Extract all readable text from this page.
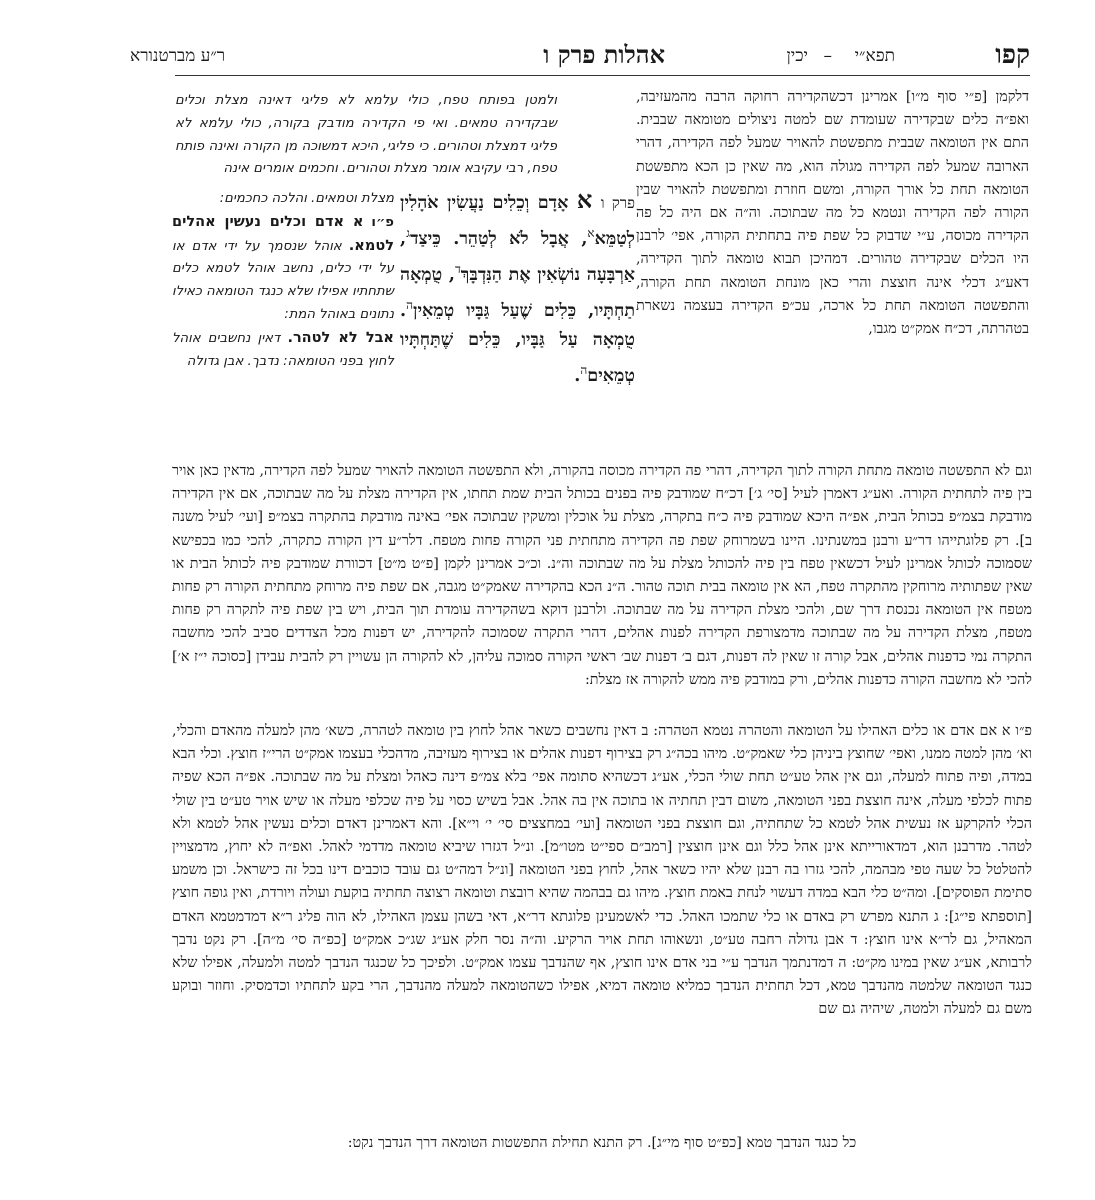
קפו
תפא״י
–
יכין
אהלות פרק ו
ר״ע מברטנורא

דלקמן [פ״י סוף מ״ו] אמרינן דכשהקדירה רחוקה הרבה מהמעזיבה, ואפ״ה כלים שבקדירה שעומדת שם למטה ניצולים מטומאה שבבית. התם אין הטומאה שבבית מתפשטת להאויר שמעל לפה הקדירה, דהרי הארובה שמעל לפה הקדירה מגולה הוא, מה שאין כן הכא מתפשטת הטומאה תחת כל אורך הקורה, ומשם חוזרת ומתפשטת להאויר שבין הקורה לפה הקדירה ונטמא כל מה שבתוכה. וה״ה אם היה כל פה הקדירה מכוסה, ע״י שדבוק כל שפת פיה בתחתית הקורה, אפי׳ לרבנן היו הכלים שבקדירה טהורים. דמהיכן תבוא טומאה לתוך הקדירה, דאע״ג דכלי אינה חוצצת והרי כאן מונחת הטומאה תחת הקורה, והתפשטה הטומאה תחת כל ארכה, עכ״פ הקדירה בעצמה נשארת בטהרתה, דכ״ח אמק״ט מגבו,

ולמטן בפותח טפח, כולי עלמא לא פליגי דאינה מצלת וכלים שבקדירה טמאים. ואי פי הקדירה מודבק בקורה, כולי עלמא לא פליגי דמצלת וטהורים. כי פליגי, היכא דמשוכה מן הקורה ואינה פותח טפח, רבי עקיבא אומר מצלת וטהורים. וחכמים אומרים אינה

פרק ו א אָדָם וְכֵלִים נַעֲשִׂין אֹהָלִין לְטַמֵּא$^א$, אֲבָל לֹא לְטַהֵר. כֵּיצַד$^ג$, אַרְבָּעָה נוֹשְׂאִין אֶת הַנִּדְבָּךְ$^ד$, טֻמְאָה תַחְתָּיו, כֵּלִים שֶׁעַל גַּבָּיו טְמֵאִין$^ה$. טֻמְאָה עַל גַּבָּיו, כֵּלִים שֶׁתַּחְתָּיו טְמֵאִים$^ה$.

מצלת וטמאים. והלכה כחכמים:

פ״ו א אדם וכלים נעשין אהלים לטמא. אוהל שנסמך על ידי אדם או על ידי כלים, נחשב אוהל לטמא כלים שתחתיו אפילו שלא כנגד הטומאה כאילו נתונים באוהל המת:

אבל לא לטהר. דאין נחשבים אוהל לחוץ בפני הטומאה: נדבך. אבן גדולה

וגם לא התפשטה טומאה מתחת הקורה לתוך הקדירה, דהרי פה הקדירה מכוסה בהקורה, ולא התפשטה הטומאה להאויר שמעל לפה הקדירה, מדאין כאן אויר בין פיה לתחתית הקורה. ואע״ג דאמרן לעיל [סי׳ ג׳] דכ״ח שמודבק פיה בפנים בכותל הבית שמת תחתו, אין הקדירה מצלת על מה שבתוכה, אם אין הקדירה מודבקת בצמ״פ בכותל הבית, אפ״ה היכא שמודבק פיה כ״ח בתקרה, מצלת על אוכלין ומשקין שבתוכה אפי׳ באינה מודבקת בהתקרה בצמ״פ [ועי׳ לעיל משנה ב]. רק פלוגתייהו דר״ע ורבנן במשנתינו. היינו בשמרוחק שפת פה הקדירה מתחתית פני הקורה פחות מטפח. דלר״ע דין הקורה כתקרה, להכי כמו בכפישא שסמוכה לכותל אמרינן לעיל דכשאין טפח בין פיה להכותל מצלת על מה שבתוכה וה״נ. וכ״כ אמרינן לקמן [פ״ט מ״ט] דכוורת שמודבק פיה לכותל הבית או שאין שפתותיה מרוחקין מהתקרה טפח, הא אין טומאה בבית תוכה טהור. ה״נ הכא בהקדירה שאמק״ט מגבה, אם שפת פיה מרוחק מתחתית הקורה רק פחות מטפח אין הטומאה נכנסת דרך שם, ולהכי מצלת הקדירה על מה שבתוכה. ולרבנן דוקא בשהקדירה עומדת תוך הבית, ויש בין שפת פיה לתקרה רק פחות מטפח, מצלת הקדירה על מה שבתוכה מדמצורפת הקדירה לפנות אהלים, דהרי התקרה שסמוכה להקדירה, יש דפנות מכל הצדדים סביב להכי מחשבה התקרה נמי כדפנות אהלים, אבל קורה זו שאין לה דפנות, דגם ב׳ דפנות שב׳ ראשי הקורה סמוכה עליהן, לא להקורה הן עשויין רק להבית עבידן [כסוכה י״ז א׳] להכי לא מחשבה הקורה כדפנות אהלים, ורק במודבק פיה ממש להקורה אז מצלת:

פ״ו א אם אדם או כלים האהילו על הטומאה והטהרה נטמא הטהרה: ב דאין נחשבים כשאר אהל לחוץ בין טומאה לטהרה, כשא׳ מהן למעלה מהאדם והכלי, וא׳ מהן למטה ממנו, ואפי׳ שחוצץ ביניהן כלי שאמק״ט. מיהו בכה״ג רק בצירוף דפנות אהלים או בצירוף מעזיבה, מדהכלי בעצמו אמק״ט הרי״ז חוצץ. וכלי הבא במדה, ופיה פתוח למעלה, וגם אין אהל טע״ט תחת שולי הכלי, אע״ג דכשהיא סתומה אפי׳ בלא צמ״פ דינה כאהל ומצלת על מה שבתוכה. אפ״ה הכא שפיה פתוח לכלפי מעלה, אינה חוצצת בפני הטומאה, משום דבין תחתיה או בתוכה אין בה אהל. אבל בשיש כסוי על פיה שכלפי מעלה או שיש אויר טע״ט בין שולי הכלי להקרקע אז נעשית אהל לטמא כל שתחתיה, וגם חוצצת בפני הטומאה [ועי׳ במחצצים סי׳ י׳ וי״א]. והא דאמרינן דאדם וכלים נעשין אהל לטמא ולא לטהר. מדרבנן הוא, דמדאורייתא אינן אהל כלל וגם אינן חוצצין [רמב״ם ספי״ט מטו״מ]. ונ״ל דגזרו שיביא טומאה מדדמי לאהל. ואפ״ה לא יחוץ, מדמצויין להטלטל כל שעה טפי מבהמה, להכי גזרו בה רבנן שלא יהיו כשאר אהל, לחוץ בפני הטומאה [ונ״ל דמה״ט גם עובד כוכבים דינו בכל זה כישראל. וכן משמע סתימת הפוסקים]. ומה״ט כלי הבא במדה דעשוי לנחת באמת חוצץ. מיהו גם בבהמה שהיא רובצת וטומאה רצוצה תחתיה בוקעת ועולה ויורדת, ואין גופה חוצץ [תוספתא פי״ג]: ג התנא מפרש רק באדם או כלי שתמכו האהל. כדי לאשמעינן פלוגתא דר״א, דאי בשהן עצמן האהילו, לא הוה פליג ר״א דמדמטמא האדם המאהיל, גם לר״א אינו חוצץ: ד אבן גדולה רחבה טע״ט, ונשאוהו תחת אויר הרקיע. וה״ה נסר חלק אע״ג שג״כ אמק״ט [כפ״ה סי׳ מ״ה]. רק נקט נדבך לרבותא, אע״ג שאין במינו מק״ט: ה דמדנתמך הנדבך ע״י בני אדם אינו חוצץ, אף שהנדבך עצמו אמק״ט. ולפיכך כל שכנגד הנדבך למטה ולמעלה, אפילו שלא כנגד הטומאה שלמטה מהנדבך טמא, דכל תחתית הנדבך כמליא טומאה דמיא, אפילו כשהטומאה למעלה מהנדבך, הרי בקע לתחתיו וכדמסיק. וחוזר ובוקע משם גם למעלה ולמטה, שיהיה גם שם

כל כנגד הנדבך טמא [כפ״ט סוף מי״ג]. רק התנא תחילת התפשטות הטומאה דרך הנדבך נקט:
